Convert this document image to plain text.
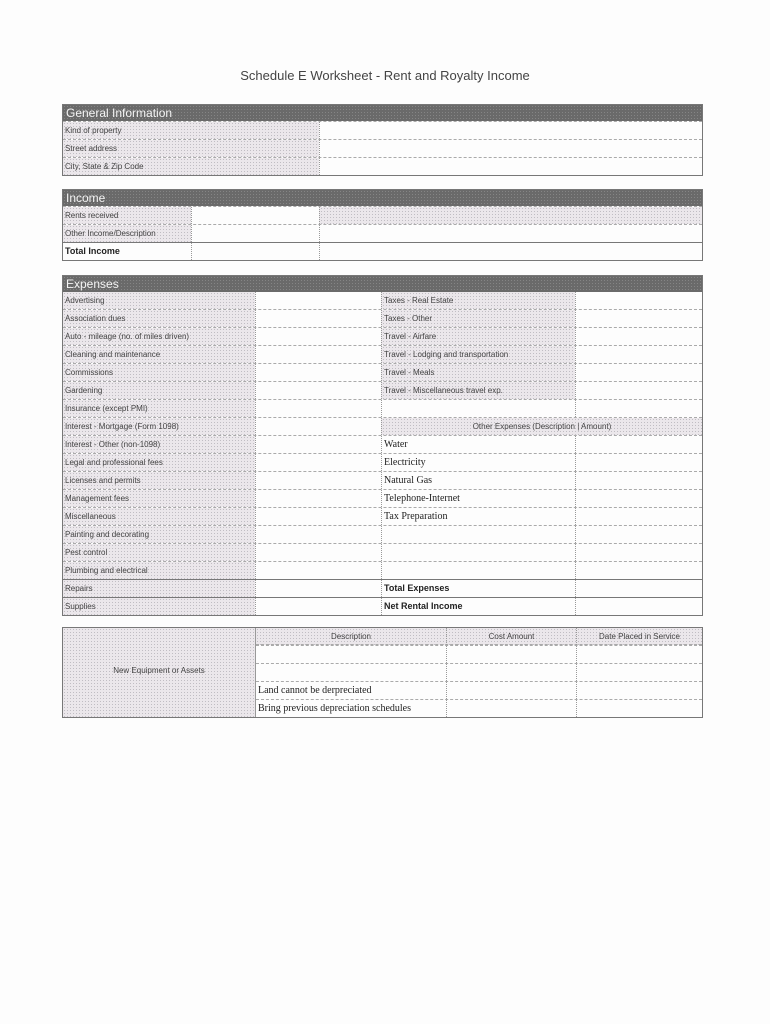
Schedule E Worksheet - Rent and Royalty Income
General Information
Kind of property
Street address
City, State & Zip Code
Income
Rents received
Other Income/Description
Total Income
Expenses
Advertising	Taxes - Real Estate
Association dues	Taxes - Other
Auto - mileage (no. of miles driven)	Travel - Airfare
Cleaning and maintenance	Travel - Lodging and transportation
Commissions	Travel - Meals
Gardening	Travel - Miscellaneous travel exp.
Insurance (except PMI)
Interest - Mortgage (Form 1098)	Other Expenses (Description | Amount)
Interest - Other (non-1098)	Water
Legal and professional fees	Electricity
Licenses and permits	Natural Gas
Management fees	Telephone-Internet
Miscellaneous	Tax Preparation
Painting and decorating
Pest control
Plumbing and electrical
Repairs	Total Expenses
Supplies	Net Rental Income
New Equipment or Assets
Description	Cost Amount	Date Placed in Service
Land cannot be derpreciated
Bring previous depreciation schedules
